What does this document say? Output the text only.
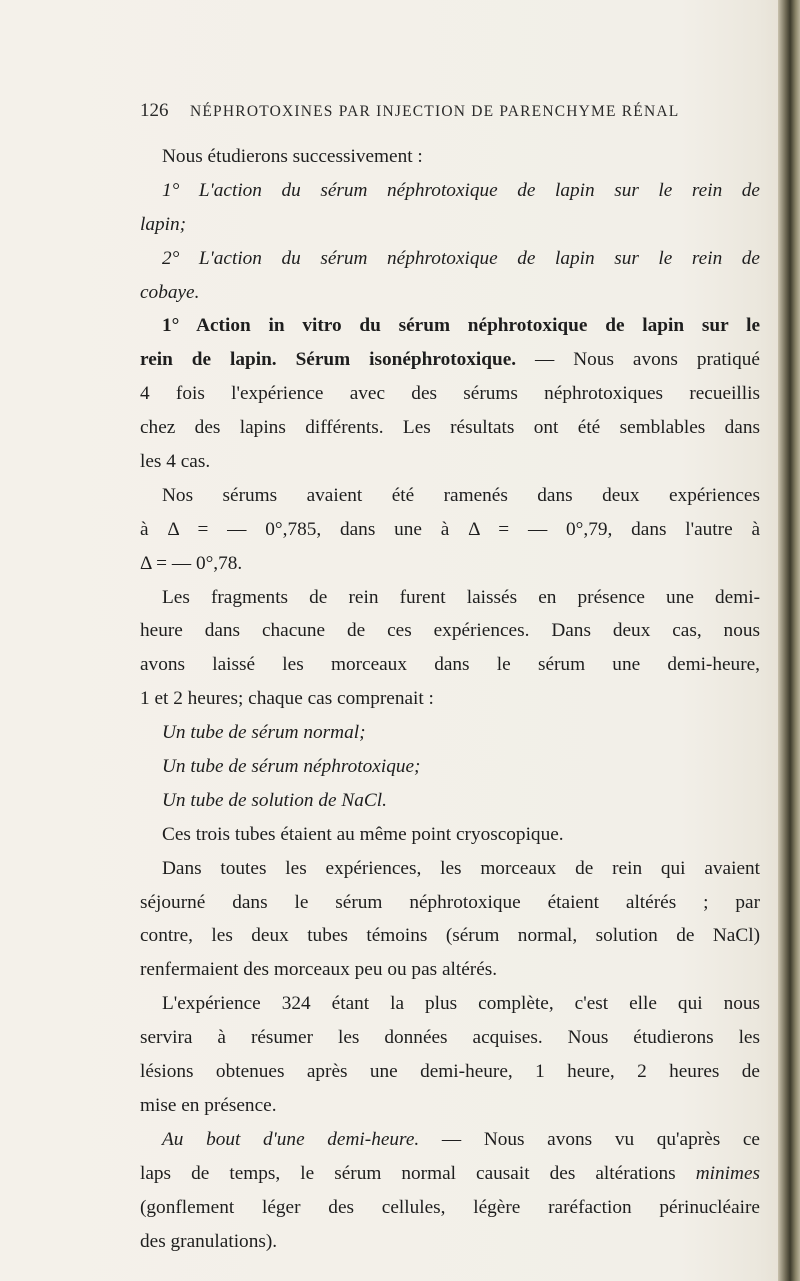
126 NÉPHROTOXINES PAR INJECTION DE PARENCHYME RÉNAL
Nous étudierons successivement :
1° L'action du sérum néphrotoxique de lapin sur le rein de
lapin;
2° L'action du sérum néphrotoxique de lapin sur le rein de
cobaye.
1° Action in vitro du sérum néphrotoxique de lapin sur le
rein de lapin. Sérum isonéphrotoxique. — Nous avons pratiqué
4 fois l'expérience avec des sérums néphrotoxiques recueillis
chez des lapins différents. Les résultats ont été semblables dans
les 4 cas.
Nos sérums avaient été ramenés dans deux expériences
à Δ = — 0°,785, dans une à Δ = — 0°,79, dans l'autre à
Δ = — 0°,78.
Les fragments de rein furent laissés en présence une demi-
heure dans chacune de ces expériences. Dans deux cas, nous
avons laissé les morceaux dans le sérum une demi-heure,
1 et 2 heures; chaque cas comprenait :
Un tube de sérum normal;
Un tube de sérum néphrotoxique;
Un tube de solution de NaCl.
Ces trois tubes étaient au même point cryoscopique.
Dans toutes les expériences, les morceaux de rein qui avaient
séjourné dans le sérum néphrotoxique étaient altérés ; par
contre, les deux tubes témoins (sérum normal, solution de NaCl)
renfermaient des morceaux peu ou pas altérés.
L'expérience 324 étant la plus complète, c'est elle qui nous
servira à résumer les données acquises. Nous étudierons les
lésions obtenues après une demi-heure, 1 heure, 2 heures de
mise en présence.
Au bout d'une demi-heure. — Nous avons vu qu'après ce
laps de temps, le sérum normal causait des altérations minimes
(gonflement léger des cellules, légère raréfaction périnucléaire
des granulations).
